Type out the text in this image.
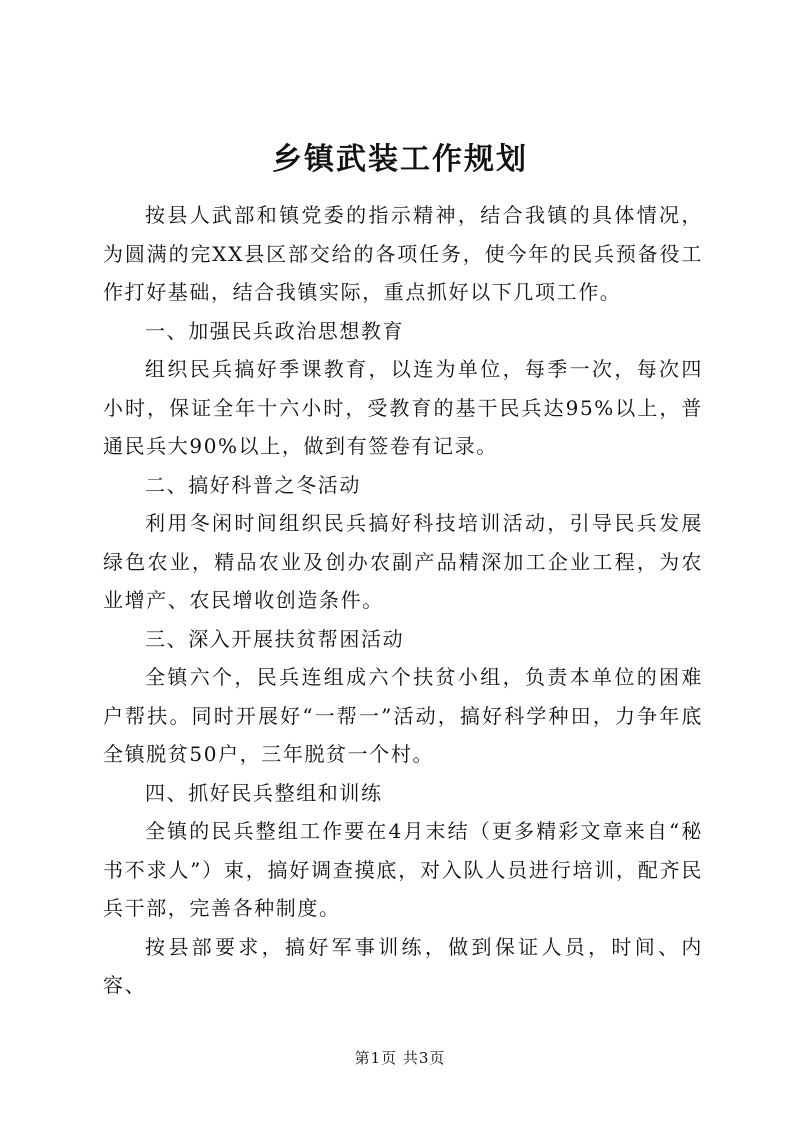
乡镇武装工作规划

按县人武部和镇党委的指示精神，结合我镇的具体情况，为圆满的完XX县区部交给的各项任务，使今年的民兵预备役工作打好基础，结合我镇实际，重点抓好以下几项工作。

一、加强民兵政治思想教育

组织民兵搞好季课教育，以连为单位，每季一次，每次四小时，保证全年十六小时，受教育的基干民兵达95%以上，普通民兵大90%以上，做到有签卷有记录。

二、搞好科普之冬活动

利用冬闲时间组织民兵搞好科技培训活动，引导民兵发展绿色农业，精品农业及创办农副产品精深加工企业工程，为农业增产、农民增收创造条件。

三、深入开展扶贫帮困活动

全镇六个，民兵连组成六个扶贫小组，负责本单位的困难户帮扶。同时开展好“一帮一”活动，搞好科学种田，力争年底全镇脱贫50户，三年脱贫一个村。

四、抓好民兵整组和训练

全镇的民兵整组工作要在4月末结（更多精彩文章来自“秘书不求人”）束，搞好调查摸底，对入队人员进行培训，配齐民兵干部，完善各种制度。

按县部要求，搞好军事训练，做到保证人员，时间、内容、

第1页 共3页
